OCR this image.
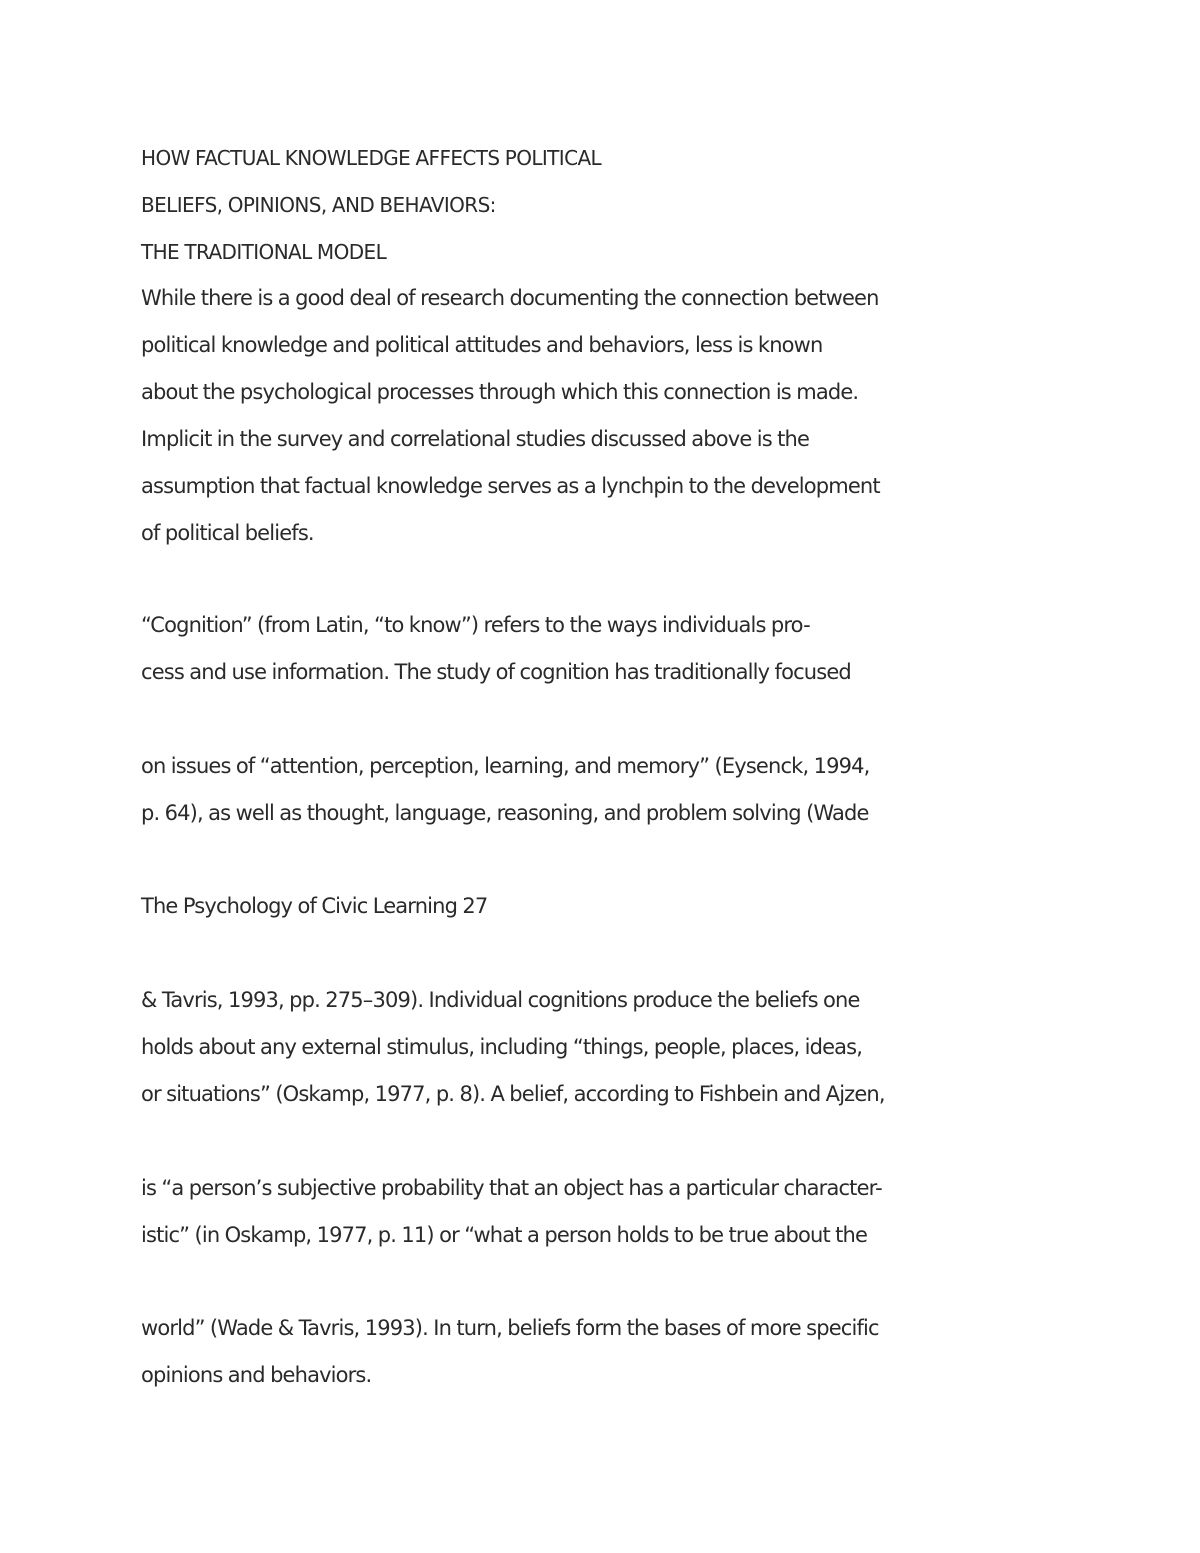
HOW FACTUAL KNOWLEDGE AFFECTS POLITICAL

BELIEFS, OPINIONS, AND BEHAVIORS:

THE TRADITIONAL MODEL

While there is a good deal of research documenting the connection between

political knowledge and political attitudes and behaviors, less is known

about the psychological processes through which this connection is made.

Implicit in the survey and correlational studies discussed above is the

assumption that factual knowledge serves as a lynchpin to the development

of political beliefs.

“Cognition” (from Latin, “to know”) refers to the ways individuals pro-

cess and use information. The study of cognition has traditionally focused

on issues of “attention, perception, learning, and memory” (Eysenck, 1994,

p. 64), as well as thought, language, reasoning, and problem solving (Wade

The Psychology of Civic Learning 27

& Tavris, 1993, pp. 275–309). Individual cognitions produce the beliefs one

holds about any external stimulus, including “things, people, places, ideas,

or situations” (Oskamp, 1977, p. 8). A belief, according to Fishbein and Ajzen,

is “a person’s subjective probability that an object has a particular character-

istic” (in Oskamp, 1977, p. 11) or “what a person holds to be true about the

world” (Wade & Tavris, 1993). In turn, beliefs form the bases of more specific

opinions and behaviors.
